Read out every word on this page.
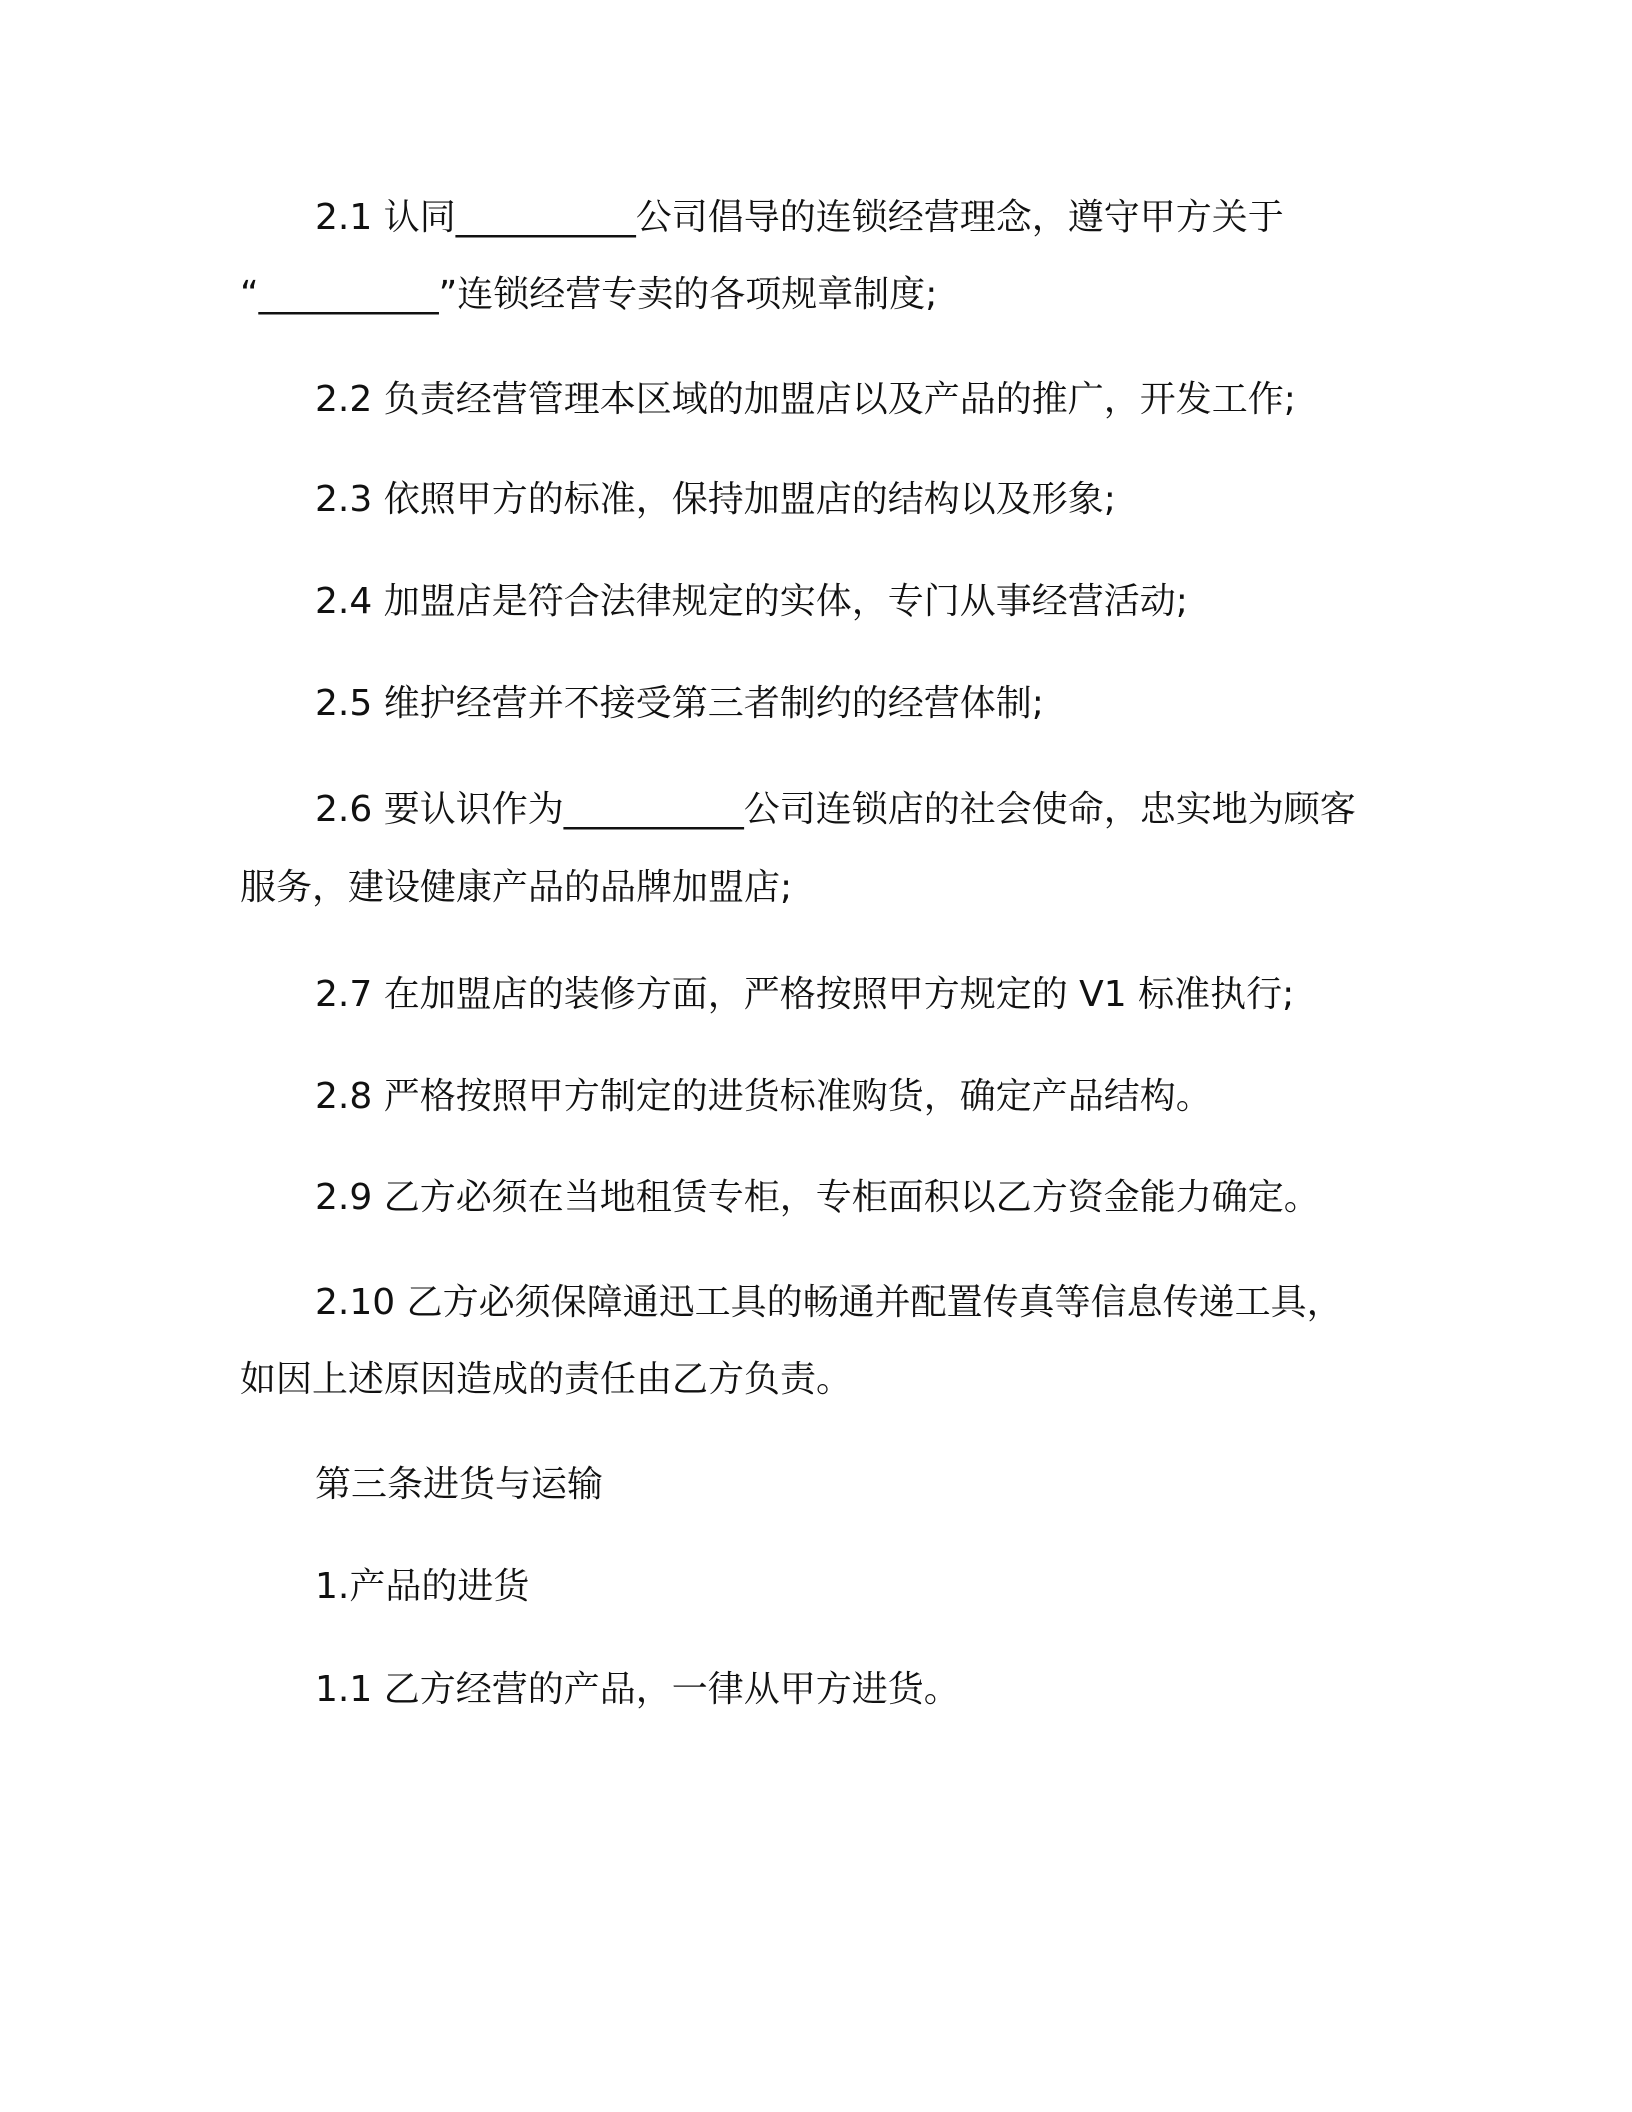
2.1 认同__________公司倡导的连锁经营理念，遵守甲方关于
“__________”连锁经营专卖的各项规章制度;
2.2 负责经营管理本区域的加盟店以及产品的推广，开发工作;
2.3 依照甲方的标准，保持加盟店的结构以及形象;
2.4 加盟店是符合法律规定的实体，专门从事经营活动;
2.5 维护经营并不接受第三者制约的经营体制;
2.6 要认识作为__________公司连锁店的社会使命，忠实地为顾客
服务，建设健康产品的品牌加盟店;
2.7 在加盟店的装修方面，严格按照甲方规定的 V1 标准执行;
2.8 严格按照甲方制定的进货标准购货，确定产品结构。
2.9 乙方必须在当地租赁专柜，专柜面积以乙方资金能力确定。
2.10 乙方必须保障通迅工具的畅通并配置传真等信息传递工具，
如因上述原因造成的责任由乙方负责。
第三条进货与运输
1.产品的进货
1.1 乙方经营的产品，一律从甲方进货。
